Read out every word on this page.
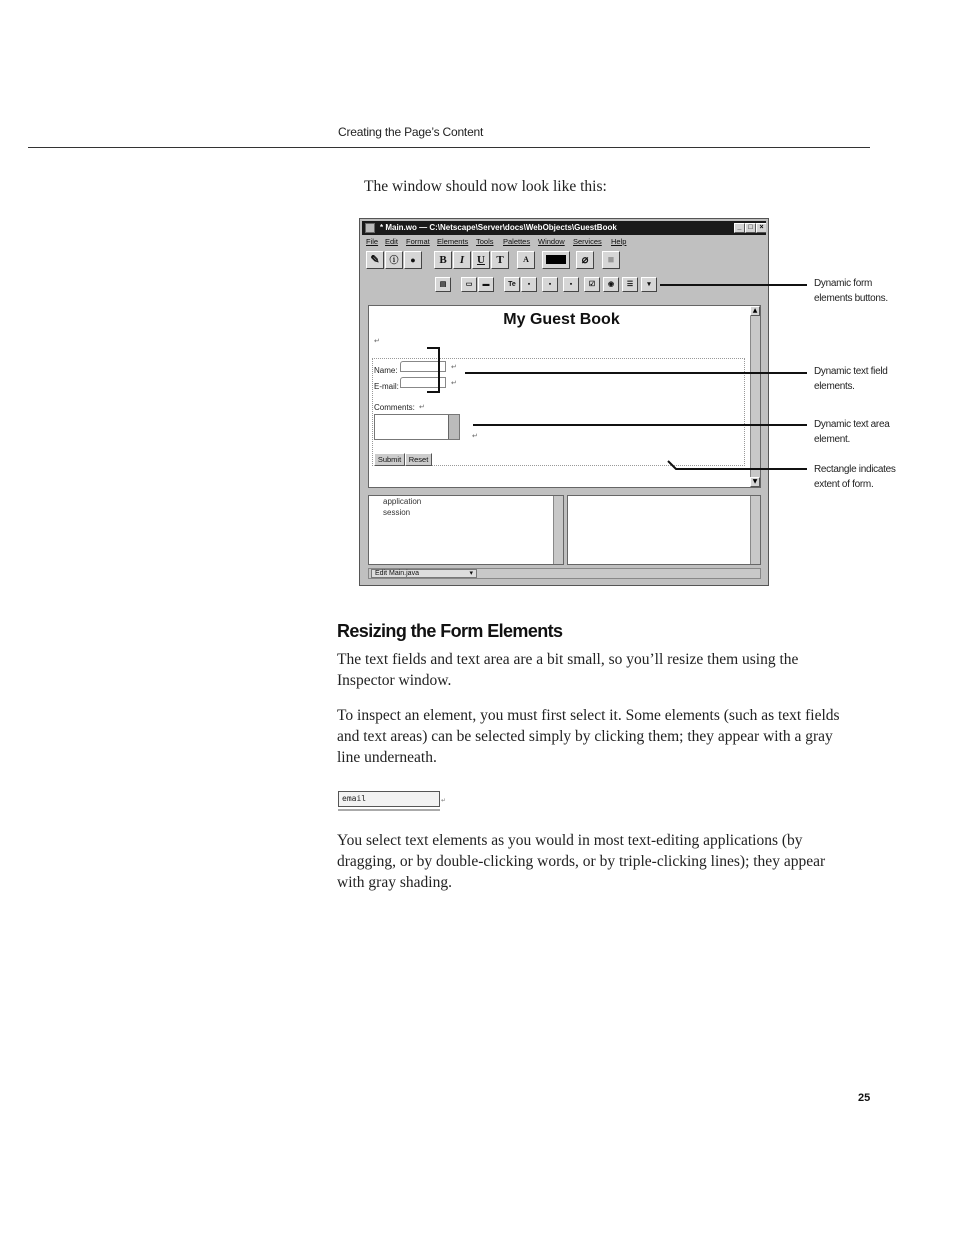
Creating the Page’s Content
The window should now look like this:
* Main.wo — C:\Netscape\Server\docs\WebObjects\GuestBook	_ □ ×
File Edit Format Elements Tools Palettes Window Services Help
✎	ⓘ	●	B	I	U	T	A	⌀	■
▤	▭	▬	Te	▪	▪	▪	☑	◉	☰	▾
My Guest Book
↵
Name:	↵
E-mail:	↵
Comments: ↵
↵
Submit	Reset
▲
▼
application
session
Edit Main.java	▾
Dynamic form
elements buttons.
Dynamic text field
elements.
Dynamic text area
element.
Rectangle indicates
extent of form.
Resizing the Form Elements

The text fields and text area are a bit small, so you’ll resize them using the Inspector window.

To inspect an element, you must first select it. Some elements (such as text fields and text areas) can be selected simply by clicking them; they appear with a gray line underneath.

email	↵

You select text elements as you would in most text-editing applications (by dragging, or by double-clicking words, or by triple-clicking lines); they appear with gray shading.

25
